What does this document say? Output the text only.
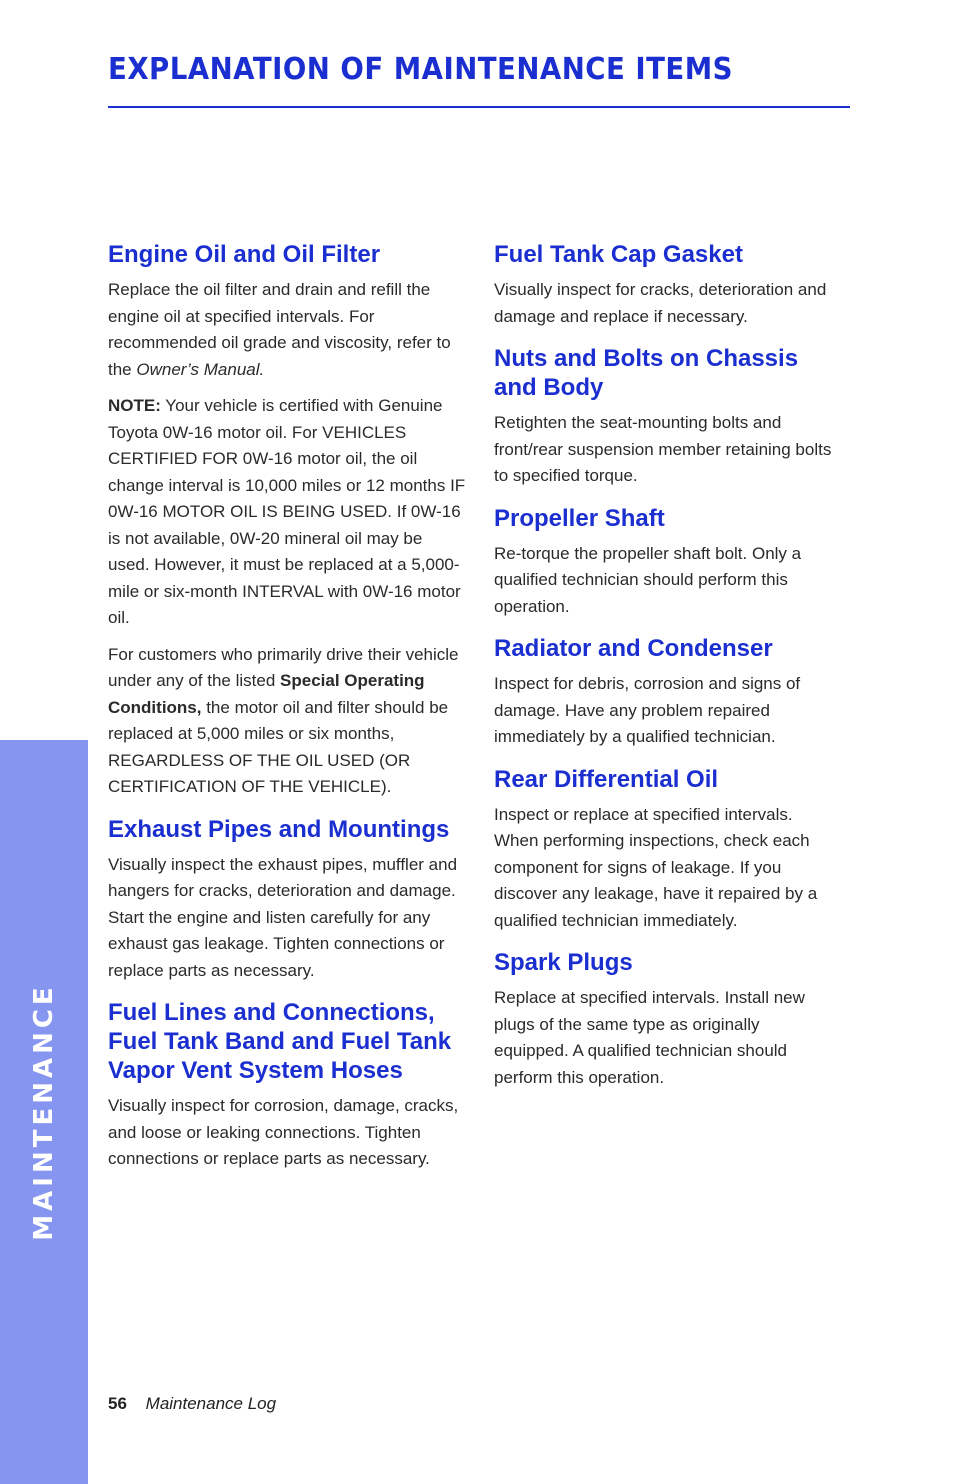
EXPLANATION OF MAINTENANCE ITEMS
MAINTENANCE
Engine Oil and Oil Filter

Replace the oil filter and drain and refill the engine oil at specified intervals. For recommended oil grade and viscosity, refer to the Owner’s Manual.

NOTE: Your vehicle is certified with Genuine Toyota 0W-16 motor oil. For VEHICLES CERTIFIED FOR 0W-16 motor oil, the oil change interval is 10,000 miles or 12 months IF 0W-16 MOTOR OIL IS BEING USED. If 0W-16 is not available, 0W-20 mineral oil may be used. However, it must be replaced at a 5,000-mile or six-month INTERVAL with 0W-16 motor oil.

For customers who primarily drive their vehicle under any of the listed Special Operating Conditions, the motor oil and filter should be replaced at 5,000 miles or six months, REGARDLESS OF THE OIL USED (OR CERTIFICATION OF THE VEHICLE).

Exhaust Pipes and Mountings

Visually inspect the exhaust pipes, muffler and hangers for cracks, deterioration and damage. Start the engine and listen carefully for any exhaust gas leakage. Tighten connections or replace parts as necessary.

Fuel Lines and Connections, Fuel Tank Band and Fuel Tank Vapor Vent System Hoses

Visually inspect for corrosion, damage, cracks, and loose or leaking connections. Tighten connections or replace parts as necessary.

Fuel Tank Cap Gasket

Visually inspect for cracks, deterioration and damage and replace if necessary.

Nuts and Bolts on Chassis and Body

Retighten the seat-mounting bolts and front/rear suspension member retaining bolts to specified torque.

Propeller Shaft

Re-torque the propeller shaft bolt. Only a qualified technician should perform this operation.

Radiator and Condenser

Inspect for debris, corrosion and signs of damage. Have any problem repaired immediately by a qualified technician.

Rear Differential Oil

Inspect or replace at specified intervals. When performing inspections, check each component for signs of leakage. If you discover any leakage, have it repaired by a qualified technician immediately.

Spark Plugs

Replace at specified intervals. Install new plugs of the same type as originally equipped. A qualified technician should perform this operation.

56 Maintenance Log
